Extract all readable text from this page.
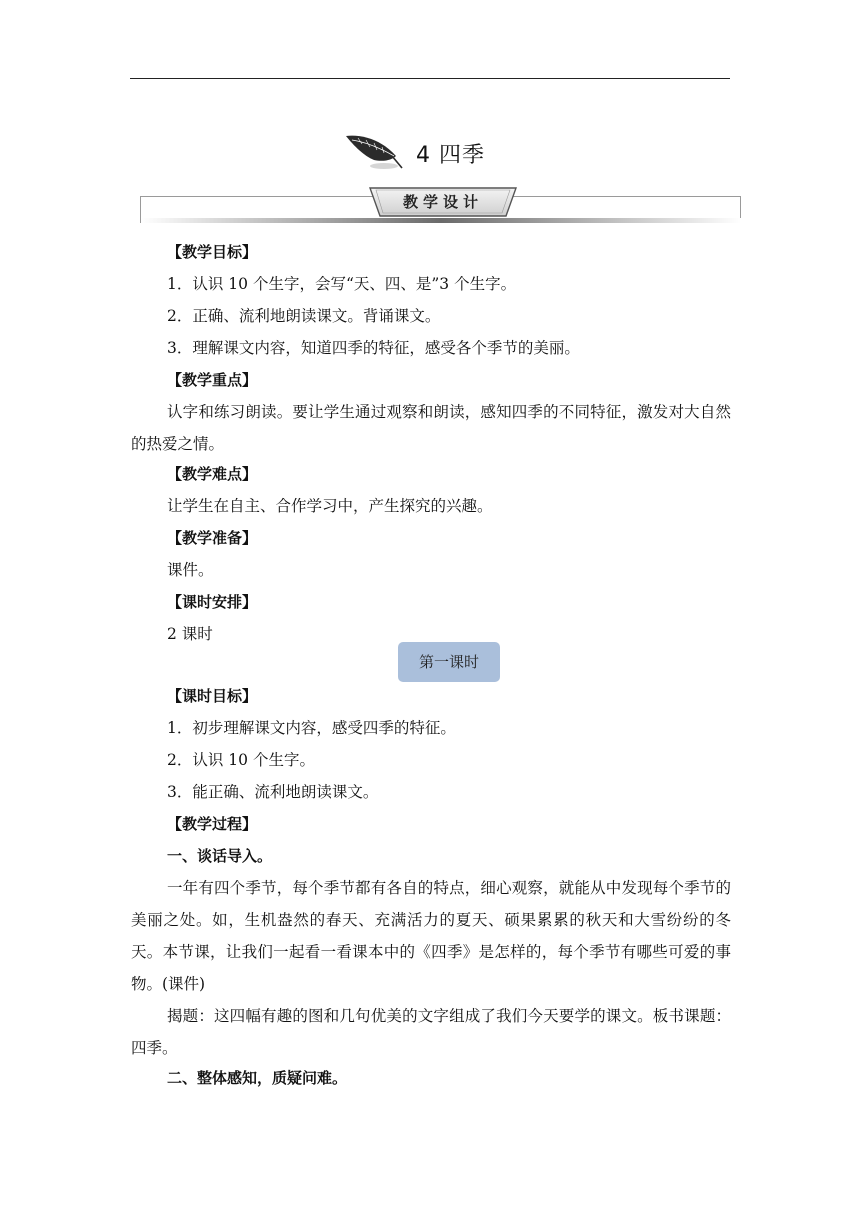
4 四季
教学设计
【教学目标】
1．认识 10 个生字，会写“天、四、是”3 个生字。
2．正确、流利地朗读课文。背诵课文。
3．理解课文内容，知道四季的特征，感受各个季节的美丽。
【教学重点】
认字和练习朗读。要让学生通过观察和朗读，感知四季的不同特征，激发对大自然的热爱之情。
【教学难点】
让学生在自主、合作学习中，产生探究的兴趣。
【教学准备】
课件。
【课时安排】
2 课时
第一课时
【课时目标】
1．初步理解课文内容，感受四季的特征。
2．认识 10 个生字。
3．能正确、流利地朗读课文。
【教学过程】
一、谈话导入。
一年有四个季节，每个季节都有各自的特点，细心观察，就能从中发现每个季节的美丽之处。如，生机盎然的春天、充满活力的夏天、硕果累累的秋天和大雪纷纷的冬天。本节课，让我们一起看一看课本中的《四季》是怎样的，每个季节有哪些可爱的事物。(课件)
揭题：这四幅有趣的图和几句优美的文字组成了我们今天要学的课文。板书课题：四季。
二、整体感知，质疑问难。
